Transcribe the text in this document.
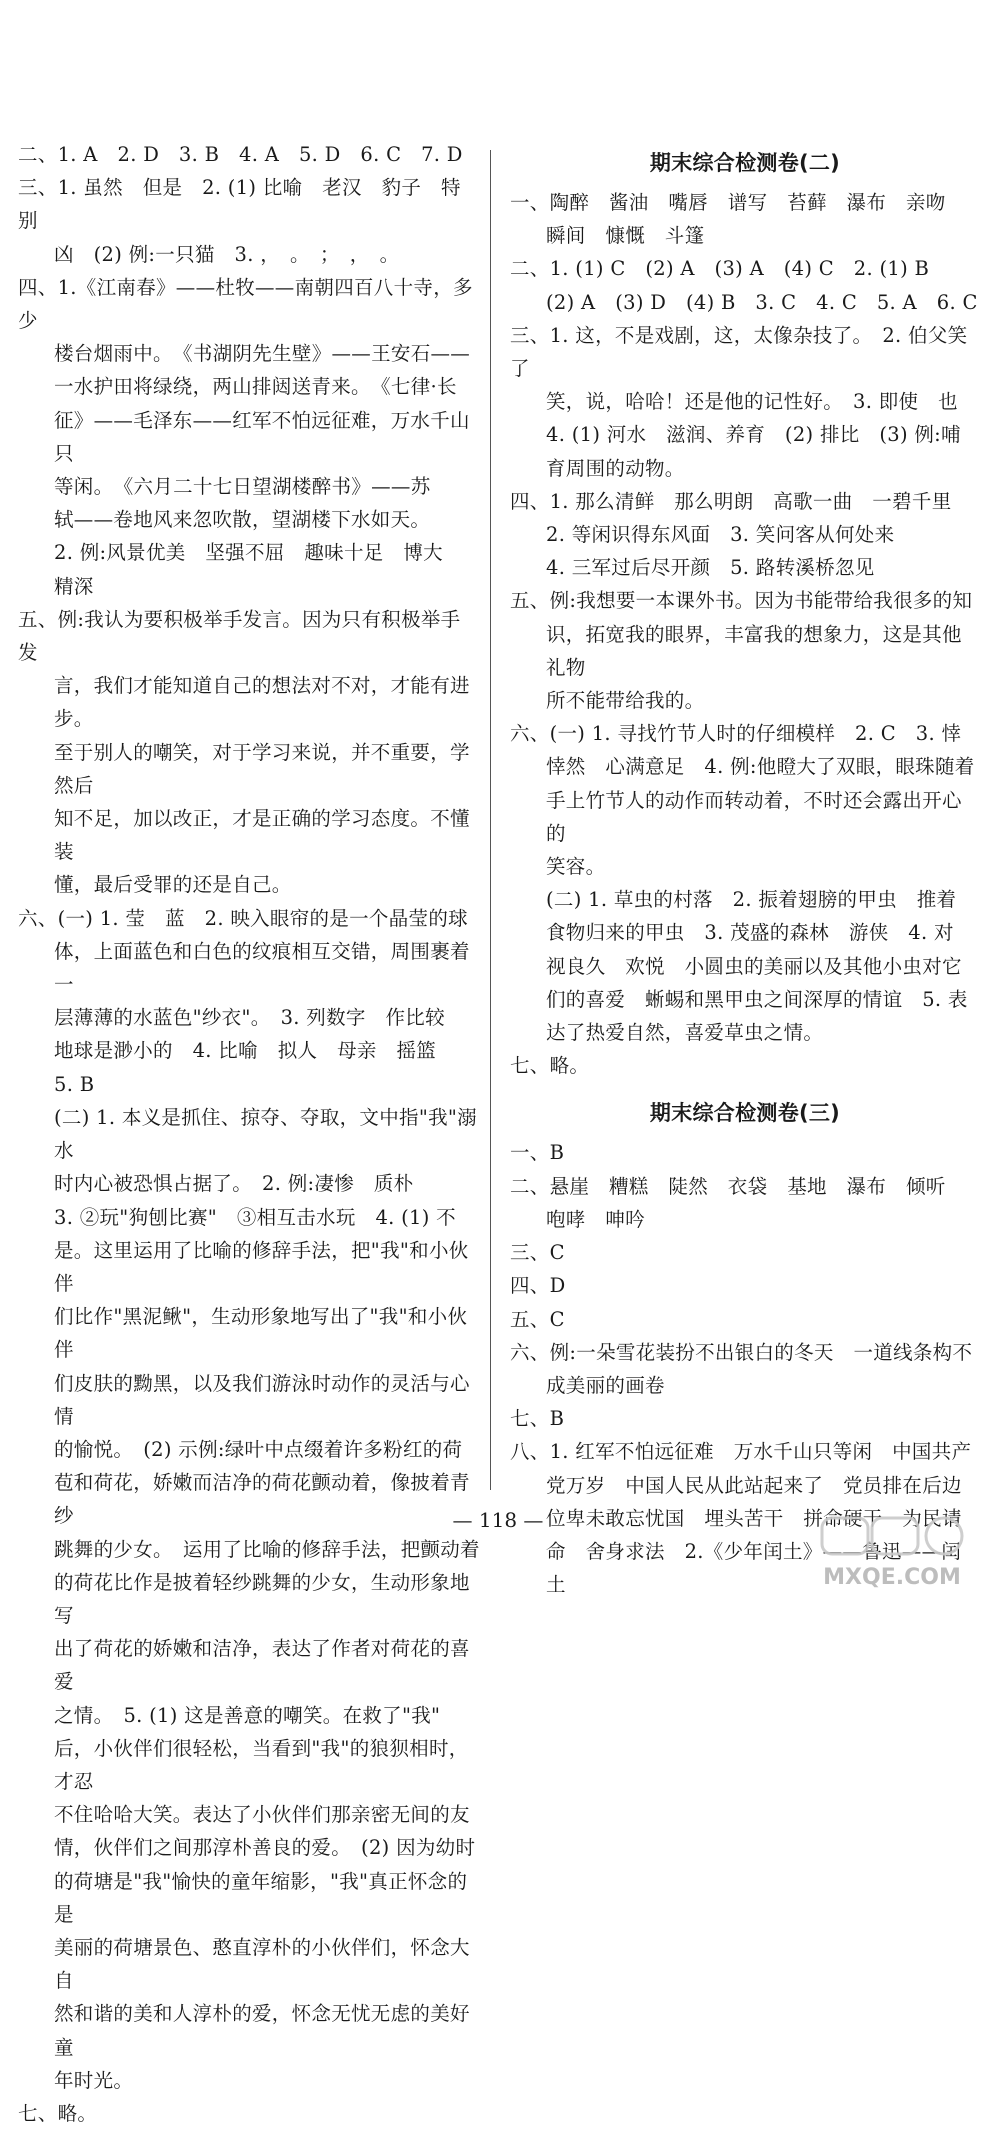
二、1. A　2. D　3. B　4. A　5. D　6. C　7. D
三、1. 虽然　但是　2. (1) 比喻　老汉　豹子　特别
凶　(2) 例:一只猫　3. ，　。　；　，　。
四、1.《江南春》——杜牧——南朝四百八十寺，多少
楼台烟雨中。　《书湖阴先生壁》——王安石——
一水护田将绿绕，两山排闼送青来。　《七律·长
征》——毛泽东——红军不怕远征难，万水千山只
等闲。　《六月二十七日望湖楼醉书》——苏
轼——卷地风来忽吹散，望湖楼下水如天。
2. 例:风景优美　坚强不屈　趣味十足　博大
精深
五、例:我认为要积极举手发言。因为只有积极举手发
言，我们才能知道自己的想法对不对，才能有进步。
至于别人的嘲笑，对于学习来说，并不重要，学然后
知不足，加以改正，才是正确的学习态度。不懂装
懂，最后受罪的还是自己。
六、(一) 1. 莹　蓝　2. 映入眼帘的是一个晶莹的球
体，上面蓝色和白色的纹痕相互交错，周围裹着一
层薄薄的水蓝色"纱衣"。　3. 列数字　作比较
地球是渺小的　4. 比喻　拟人　母亲　摇篮
5. B
(二) 1. 本义是抓住、掠夺、夺取，文中指"我"溺水
时内心被恐惧占据了。　2. 例:凄惨　质朴
3. ②玩"狗刨比赛"　③相互击水玩　4. (1) 不
是。这里运用了比喻的修辞手法，把"我"和小伙伴
们比作"黑泥鳅"，生动形象地写出了"我"和小伙伴
们皮肤的黝黑，以及我们游泳时动作的灵活与心情
的愉悦。　(2) 示例:绿叶中点缀着许多粉红的荷
苞和荷花，娇嫩而洁净的荷花颤动着，像披着青纱
跳舞的少女。　运用了比喻的修辞手法，把颤动着
的荷花比作是披着轻纱跳舞的少女，生动形象地写
出了荷花的娇嫩和洁净，表达了作者对荷花的喜爱
之情。　5. (1) 这是善意的嘲笑。在救了"我"
后，小伙伴们很轻松，当看到"我"的狼狈相时，才忍
不住哈哈大笑。表达了小伙伴们那亲密无间的友
情，伙伴们之间那淳朴善良的爱。　(2) 因为幼时
的荷塘是"我"愉快的童年缩影，"我"真正怀念的是
美丽的荷塘景色、憨直淳朴的小伙伴们，怀念大自
然和谐的美和人淳朴的爱，怀念无忧无虑的美好童
年时光。
七、略。
期末综合检测卷(二)
一、陶醉　酱油　嘴唇　谱写　苔藓　瀑布　亲吻
瞬间　慷慨　斗篷
二、1. (1) C　(2) A　(3) A　(4) C　2. (1) B
(2) A　(3) D　(4) B　3. C　4. C　5. A　6. C
三、1. 这，不是戏剧，这，太像杂技了。　2. 伯父笑了
笑，说，哈哈！还是他的记性好。　3. 即使　也
4. (1) 河水　滋润、养育　(2) 排比　(3) 例:哺
育周围的动物。
四、1. 那么清鲜　那么明朗　高歌一曲　一碧千里
2. 等闲识得东风面　3. 笑问客从何处来
4. 三军过后尽开颜　5. 路转溪桥忽见
五、例:我想要一本课外书。因为书能带给我很多的知
识，拓宽我的眼界，丰富我的想象力，这是其他礼物
所不能带给我的。
六、(一) 1. 寻找竹节人时的仔细模样　2. C　3. 悻
悻然　心满意足　4. 例:他瞪大了双眼，眼珠随着
手上竹节人的动作而转动着，不时还会露出开心的
笑容。
(二) 1. 草虫的村落　2. 振着翅膀的甲虫　推着
食物归来的甲虫　3. 茂盛的森林　游侠　4. 对
视良久　欢悦　小圆虫的美丽以及其他小虫对它
们的喜爱　蜥蜴和黑甲虫之间深厚的情谊　5. 表
达了热爱自然，喜爱草虫之情。
七、略。
期末综合检测卷(三)
一、B
二、悬崖　糟糕　陡然　衣袋　基地　瀑布　倾听
咆哮　呻吟
三、C
四、D
五、C
六、例:一朵雪花装扮不出银白的冬天　一道线条构不
成美丽的画卷
七、B
八、1. 红军不怕远征难　万水千山只等闲　中国共产
党万岁　中国人民从此站起来了　党员排在后边
位卑未敢忘忧国　埋头苦干　拼命硬干　为民请
命　舍身求法　2.《少年闰土》——鲁迅——闰土
— 118 —
MXQE.COM
